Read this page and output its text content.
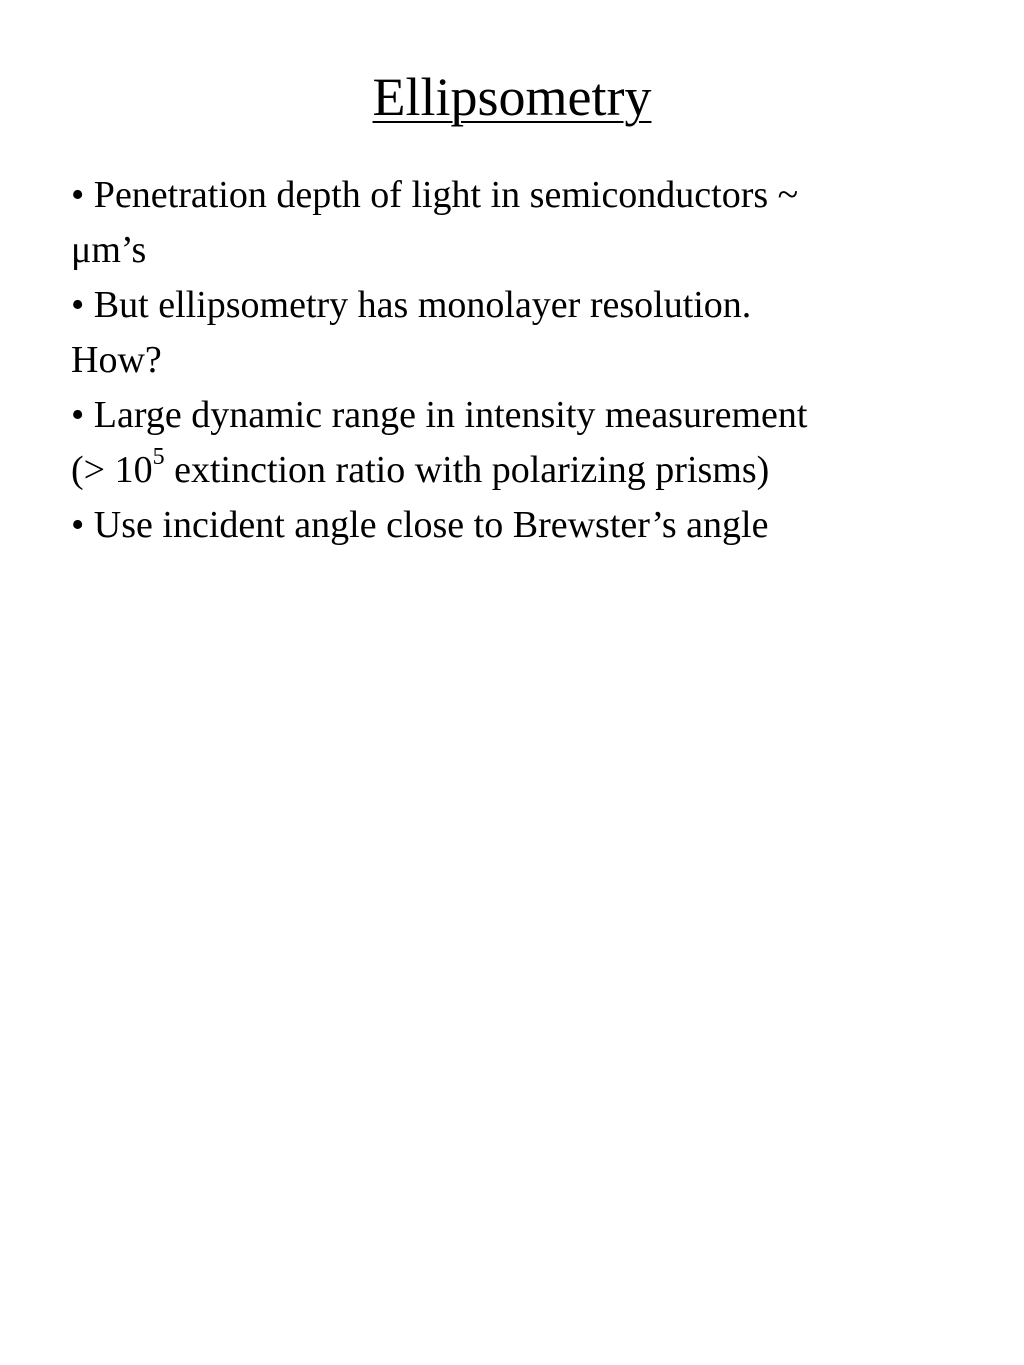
Ellipsometry

• Penetration depth of light in semiconductors ~
μm’s

• But ellipsometry has monolayer resolution.
How?

• Large dynamic range in intensity measurement
(> $10^5$ extinction ratio with polarizing prisms)

• Use incident angle close to Brewster’s angle
